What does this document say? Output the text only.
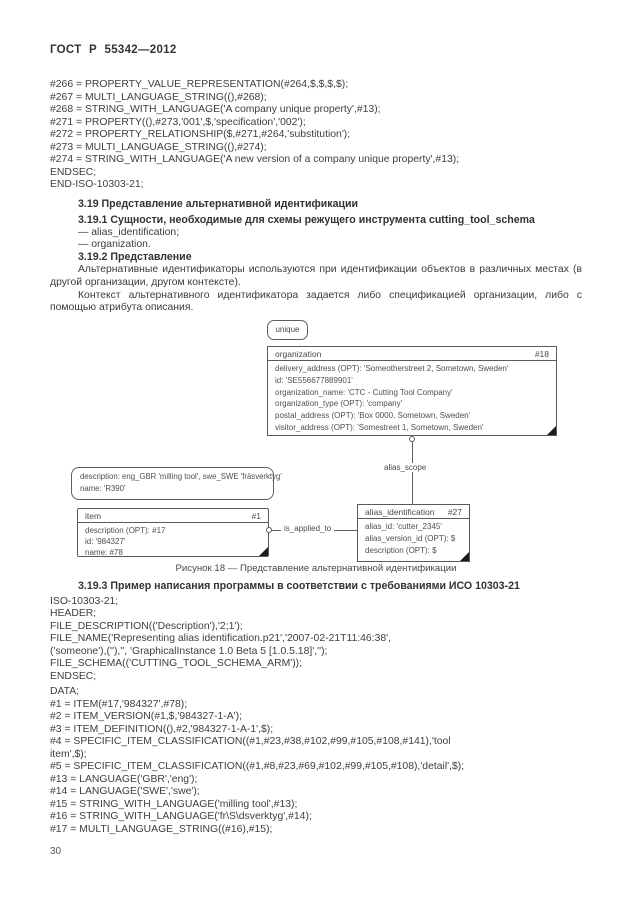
ГОСТ Р 55342—2012
#266 = PROPERTY_VALUE_REPRESENTATION(#264,$,$,$,$);
#267 = MULTI_LANGUAGE_STRING((),#268);
#268 = STRING_WITH_LANGUAGE('A company unique property',#13);
#271 = PROPERTY((),#273,'001',$,'specification','002');
#272 = PROPERTY_RELATIONSHIP($,#271,#264,'substitution');
#273 = MULTI_LANGUAGE_STRING((),#274);
#274 = STRING_WITH_LANGUAGE('A new version of a company unique property',#13);
ENDSEC;
END-ISO-10303-21;
3.19 Представление альтернативной идентификации
3.19.1 Сущности, необходимые для схемы режущего инструмента cutting_tool_schema
— alias_identification;
— organization.
3.19.2 Представление
Альтернативные идентификаторы используются при идентификации объектов в различных местах (в другой организации, другом контексте).
Контекст альтернативного идентификатора задается либо спецификацией организации, либо с помощью атрибута описания.
unique
organization	#18
delivery_address (OPT): 'Someotherstreet 2, Sometown, Sweden'
id: 'SE556677889901'
organization_name: 'CTC - Cutting Tool Company'
organization_type (OPT): 'company'
postal_address (OPT): 'Box 0000, Sometown, Sweden'
visitor_address (OPT): 'Somestreet 1, Sometown, Sweden'
alias_scope
description: eng_GBR 'milling tool', swe_SWE 'fräsverktyg'
name: 'R390'
item	#1
description (OPT): #17
id: '984327'
name: #78
is_applied_to
alias_identification #27
alias_id: 'cutter_2345'
alias_version_id (OPT): $
description (OPT): $
Рисунок 18 — Представление альтернативной идентификации
3.19.3 Пример написания программы в соответствии с требованиями ИСО 10303-21
ISO-10303-21;
HEADER;
FILE_DESCRIPTION(('Description'),'2;1');
FILE_NAME('Representing alias identification.p21','2007-02-21T11:46:38',
('someone'),(''),'', 'GraphicalInstance 1.0 Beta 5 [1.0.5.18]','');
FILE_SCHEMA(('CUTTING_TOOL_SCHEMA_ARM'));
ENDSEC;
DATA;
#1 = ITEM(#17,'984327',#78);
#2 = ITEM_VERSION(#1,$,'984327-1-A');
#3 = ITEM_DEFINITION((),#2,'984327-1-A-1',$);
#4 = SPECIFIC_ITEM_CLASSIFICATION((#1,#23,#38,#102,#99,#105,#108,#141),'tool
item',$);
#5 = SPECIFIC_ITEM_CLASSIFICATION((#1,#8,#23,#69,#102,#99,#105,#108),'detail',$);
#13 = LANGUAGE('GBR','eng');
#14 = LANGUAGE('SWE','swe');
#15 = STRING_WITH_LANGUAGE('milling tool',#13);
#16 = STRING_WITH_LANGUAGE('fr\S\dsverktyg',#14);
#17 = MULTI_LANGUAGE_STRING((#16),#15);
30
